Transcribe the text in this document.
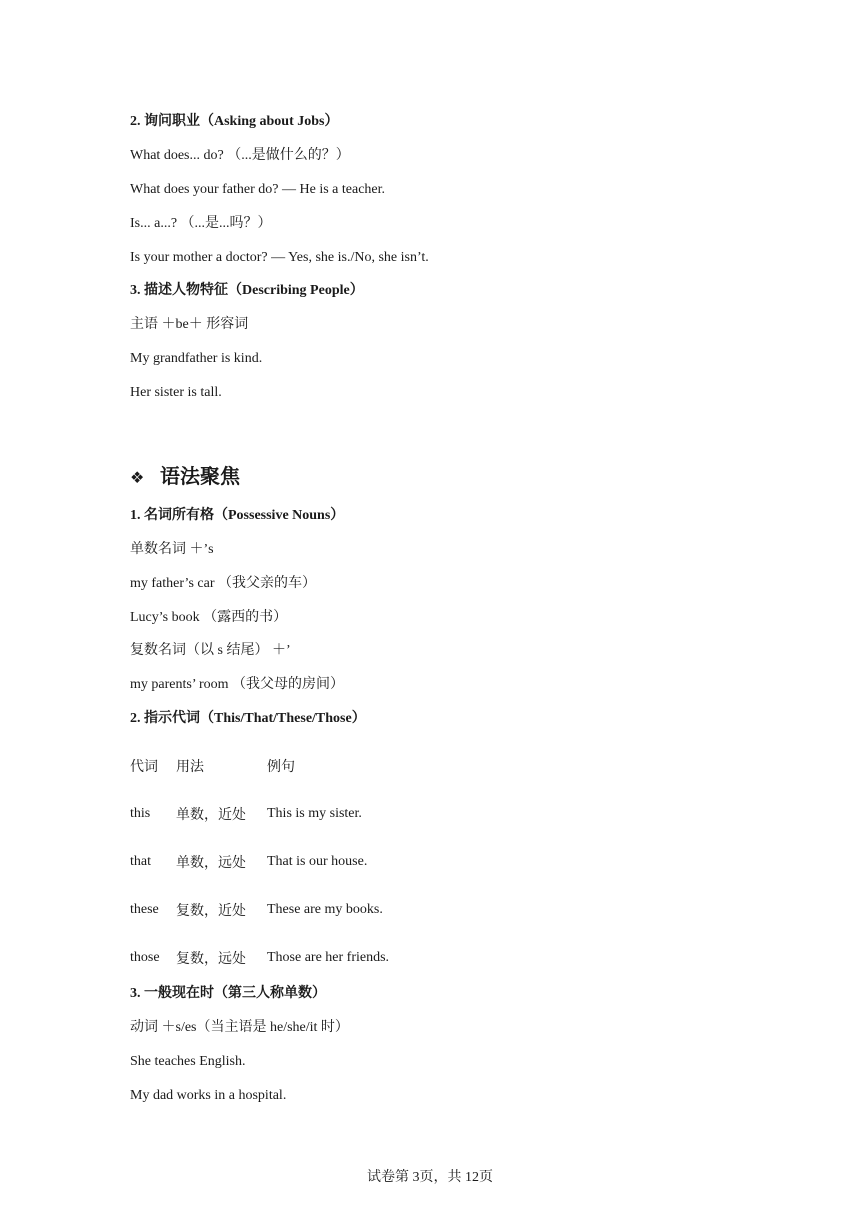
2. 询问职业（Asking about Jobs）
What does... do? （...是做什么的？）
What does your father do? — He is a teacher.
Is... a...? （...是...吗？）
Is your mother a doctor? — Yes, she is./No, she isn’t.
3. 描述人物特征（Describing People）
主语 ＋be＋ 形容词
My grandfather is kind.
Her sister is tall.
❖ 语法聚焦
1. 名词所有格（Possessive Nouns）
单数名词 ＋’s
my father’s car （我父亲的车）
Lucy’s book （露西的书）
复数名词（以 s 结尾） ＋’
my parents’ room （我父母的房间）
2. 指示代词（This/That/These/Those）
代词	用法	例句
this	单数，近处	This is my sister.
that	单数，远处	That is our house.
these	复数，近处	These are my books.
those	复数，远处	Those are her friends.
3. 一般现在时（第三人称单数）
动词 ＋s/es（当主语是 he/she/it 时）
She teaches English.
My dad works in a hospital.
试卷第 3页，共 12页
